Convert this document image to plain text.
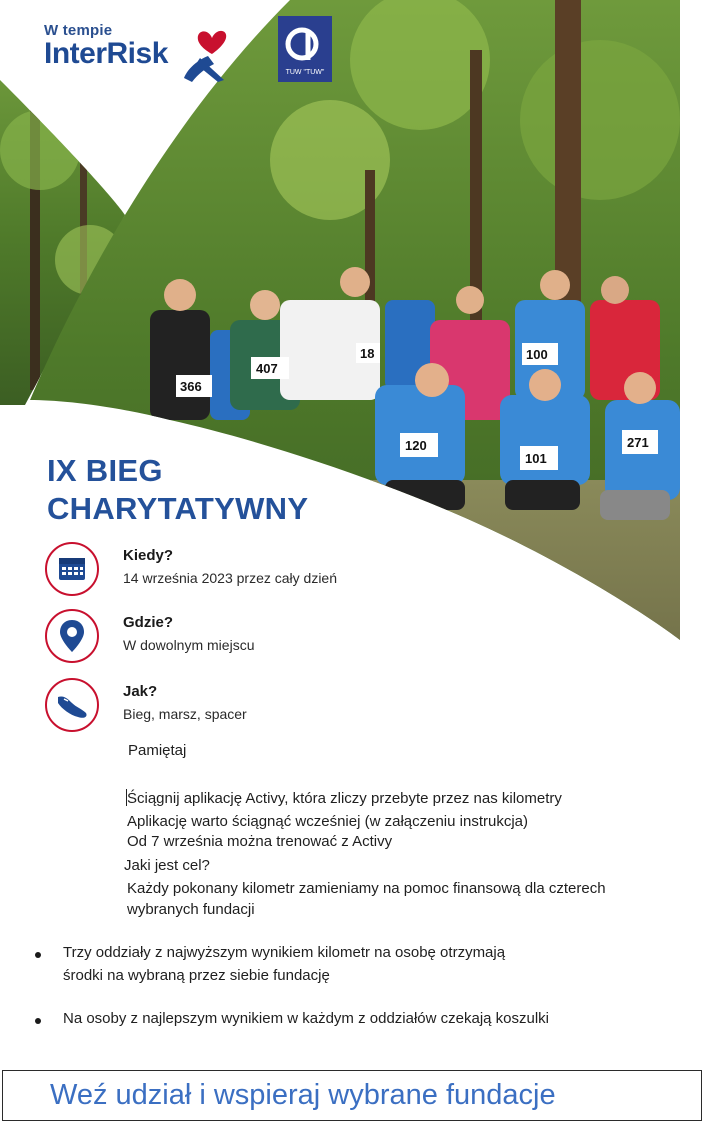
366
407
18	100
120
101
271
W tempie
InterRisk
TUW "TUW"
IX BIEG
CHARYTATYWNY
Kiedy?
14 września 2023 przez cały dzień
Gdzie?
W dowolnym miejscu
Jak?
Bieg, marsz, spacer
Pamiętaj
Ściągnij aplikację Activy, która zliczy przebyte przez nas kilometry
Aplikację warto ściągnąć wcześniej (w załączeniu instrukcja)
Od 7 września można trenować z Activy
Jaki jest cel?
Każdy pokonany kilometr zamieniamy na pomoc finansową dla czterech
wybranych fundacji
Trzy oddziały z najwyższym wynikiem kilometr na osobę otrzymają
środki na wybraną przez siebie fundację
Na osoby z najlepszym wynikiem w każdym z oddziałów czekają koszulki
Weź udział i wspieraj wybrane fundacje
